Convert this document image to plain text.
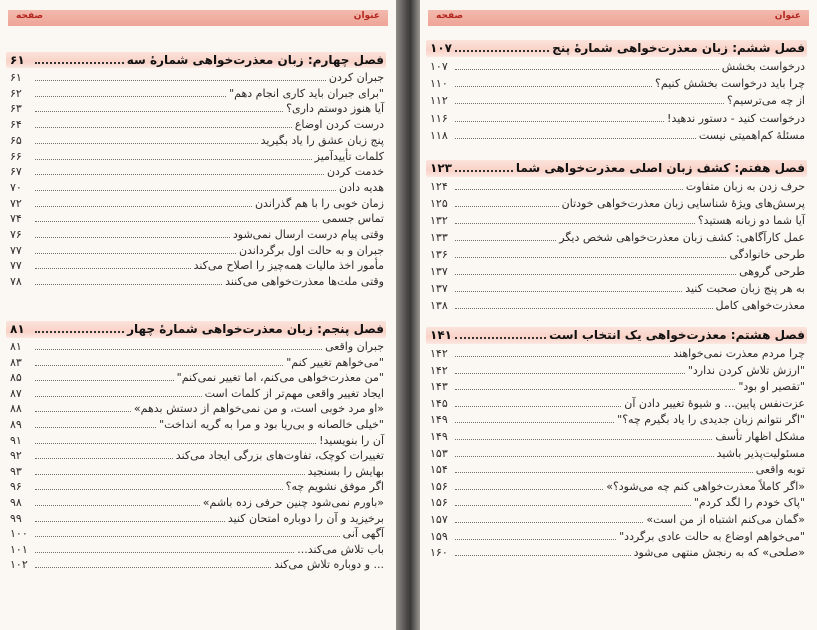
عنوان
صفحه
فصل چهارم: زبان معذرت‌خواهی شمارهٔ سه
۶۱
جبران کردن
۶۱
"برای جبران باید کاری انجام دهم"
۶۲
آیا هنوز دوستم داری؟
۶۳
درست کردن اوضاع
۶۴
پنج زبان عشق را یاد بگیرید
۶۵
کلمات تأییدآمیز
۶۶
خدمت کردن
۶۷
هدیه دادن
۷۰
زمان خوبی را با هم گذراندن
۷۲
تماس جسمی
۷۴
وقتی پیام درست ارسال نمی‌شود
۷۶
جبران و به حالت اول برگرداندن
۷۷
مأمور اخذ مالیات همه‌چیز را اصلاح می‌کند
۷۷
وقتی ملت‌ها معذرت‌خواهی می‌کنند
۷۸
فصل پنجم: زبان معذرت‌خواهی شمارهٔ چهار
۸۱
جبران واقعی
۸۱
"می‌خواهم تغییر کنم"
۸۳
"من معذرت‌خواهی می‌کنم، اما تغییر نمی‌کنم"
۸۵
ایجاد تغییر واقعی مهم‌تر از کلمات است
۸۷
«او مرد خوبی است، و من نمی‌خواهم از دستش بدهم»
۸۸
"خیلی خالصانه و بی‌ریا بود و مرا به گریه انداخت"
۸۹
آن را بنویسید!
۹۱
تغییرات کوچک، تفاوت‌های بزرگی ایجاد می‌کند
۹۲
بهایش را بسنجید
۹۳
اگر موفق نشویم چه؟
۹۶
«باورم نمی‌شود چنین حرفی زده باشم»
۹۸
برخیزید و آن را دوباره امتحان کنید
۹۹
آگهی آنی
۱۰۰
باب تلاش می‌کند...
۱۰۱
... و دوباره تلاش می‌کند
۱۰۲
عنوان
صفحه
فصل ششم: زبان معذرت‌خواهی شمارهٔ پنج
۱۰۷
درخواست بخشش
۱۰۷
چرا باید درخواست بخشش کنیم؟
۱۱۰
از چه می‌ترسیم؟
۱۱۲
درخواست کنید - دستور ندهید!
۱۱۶
مسئلهٔ کم‌اهمیتی نیست
۱۱۸
فصل هفتم: کشف زبان اصلی معذرت‌خواهی شما
۱۲۳
حرف زدن به زبان متفاوت
۱۲۴
پرسش‌های ویژهٔ شناسایی زبان معذرت‌خواهی خودتان
۱۲۵
آیا شما دو زبانه هستید؟
۱۳۲
عمل کارآگاهی: کشف زبان معذرت‌خواهی شخص دیگر
۱۳۳
طرحی خانوادگی
۱۳۶
طرحی گروهی
۱۳۷
به هر پنج زبان صحبت کنید
۱۳۷
معذرت‌خواهی کامل
۱۳۸
فصل هشتم: معذرت‌خواهی یک انتخاب است
۱۴۱
چرا مردم معذرت نمی‌خواهند
۱۴۲
"ارزش تلاش کردن ندارد"
۱۴۲
"تقصیر او بود"
۱۴۳
عزت‌نفس پایین... و شیوهٔ تغییر دادن آن
۱۴۵
"اگر نتوانم زبان جدیدی را یاد بگیرم چه؟"
۱۴۹
مشکل اظهار تأسف
۱۴۹
مسئولیت‌پذیر باشید
۱۵۳
توبه واقعی
۱۵۴
«اگر کاملاً معذرت‌خواهی کنم چه می‌شود؟»
۱۵۶
"پاک خودم را لگد کردم"
۱۵۶
«گمان می‌کنم اشتباه از من است»
۱۵۷
"می‌خواهم اوضاع به حالت عادی برگردد"
۱۵۹
«صلحی» که به رنجش منتهی می‌شود
۱۶۰
